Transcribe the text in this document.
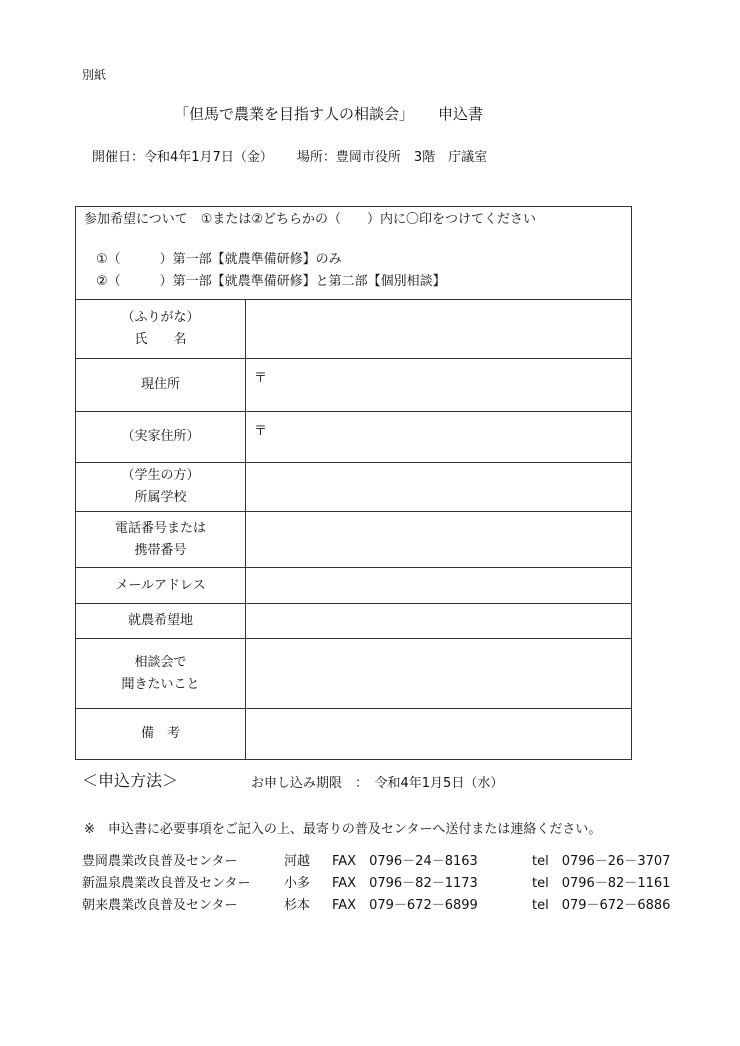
別紙
「但馬で農業を目指す人の相談会」 申込書
開催日：令和4年1月7日（金） 場所：豊岡市役所　3階　庁議室
参加希望について　①または②どちらかの（　　）内に〇印をつけてください
①（　　　）第一部【就農準備研修】のみ
②（　　　）第一部【就農準備研修】と第二部【個別相談】	

（ふりがな）
氏　　名	

現住所	〒
（実家住所）	〒

（学生の方）
所属学校	

電話番号または
携帯番号	

メールアドレス	
就農希望地	

相談会で
聞きたいこと	

備　考	
＜申込方法＞	お申し込み期限　：　令和4年1月5日（水）
※　申込書に必要事項をご記入の上、最寄りの普及センターへ送付または連絡ください。
豊岡農業改良普及センター	河越 FAX　0796－24－8163	tel　0796－26－3707
新温泉農業改良普及センター	小多 FAX　0796－82－1173	tel　0796－82－1161
朝来農業改良普及センター	杉本 FAX　079－672－6899	tel　079－672－6886
